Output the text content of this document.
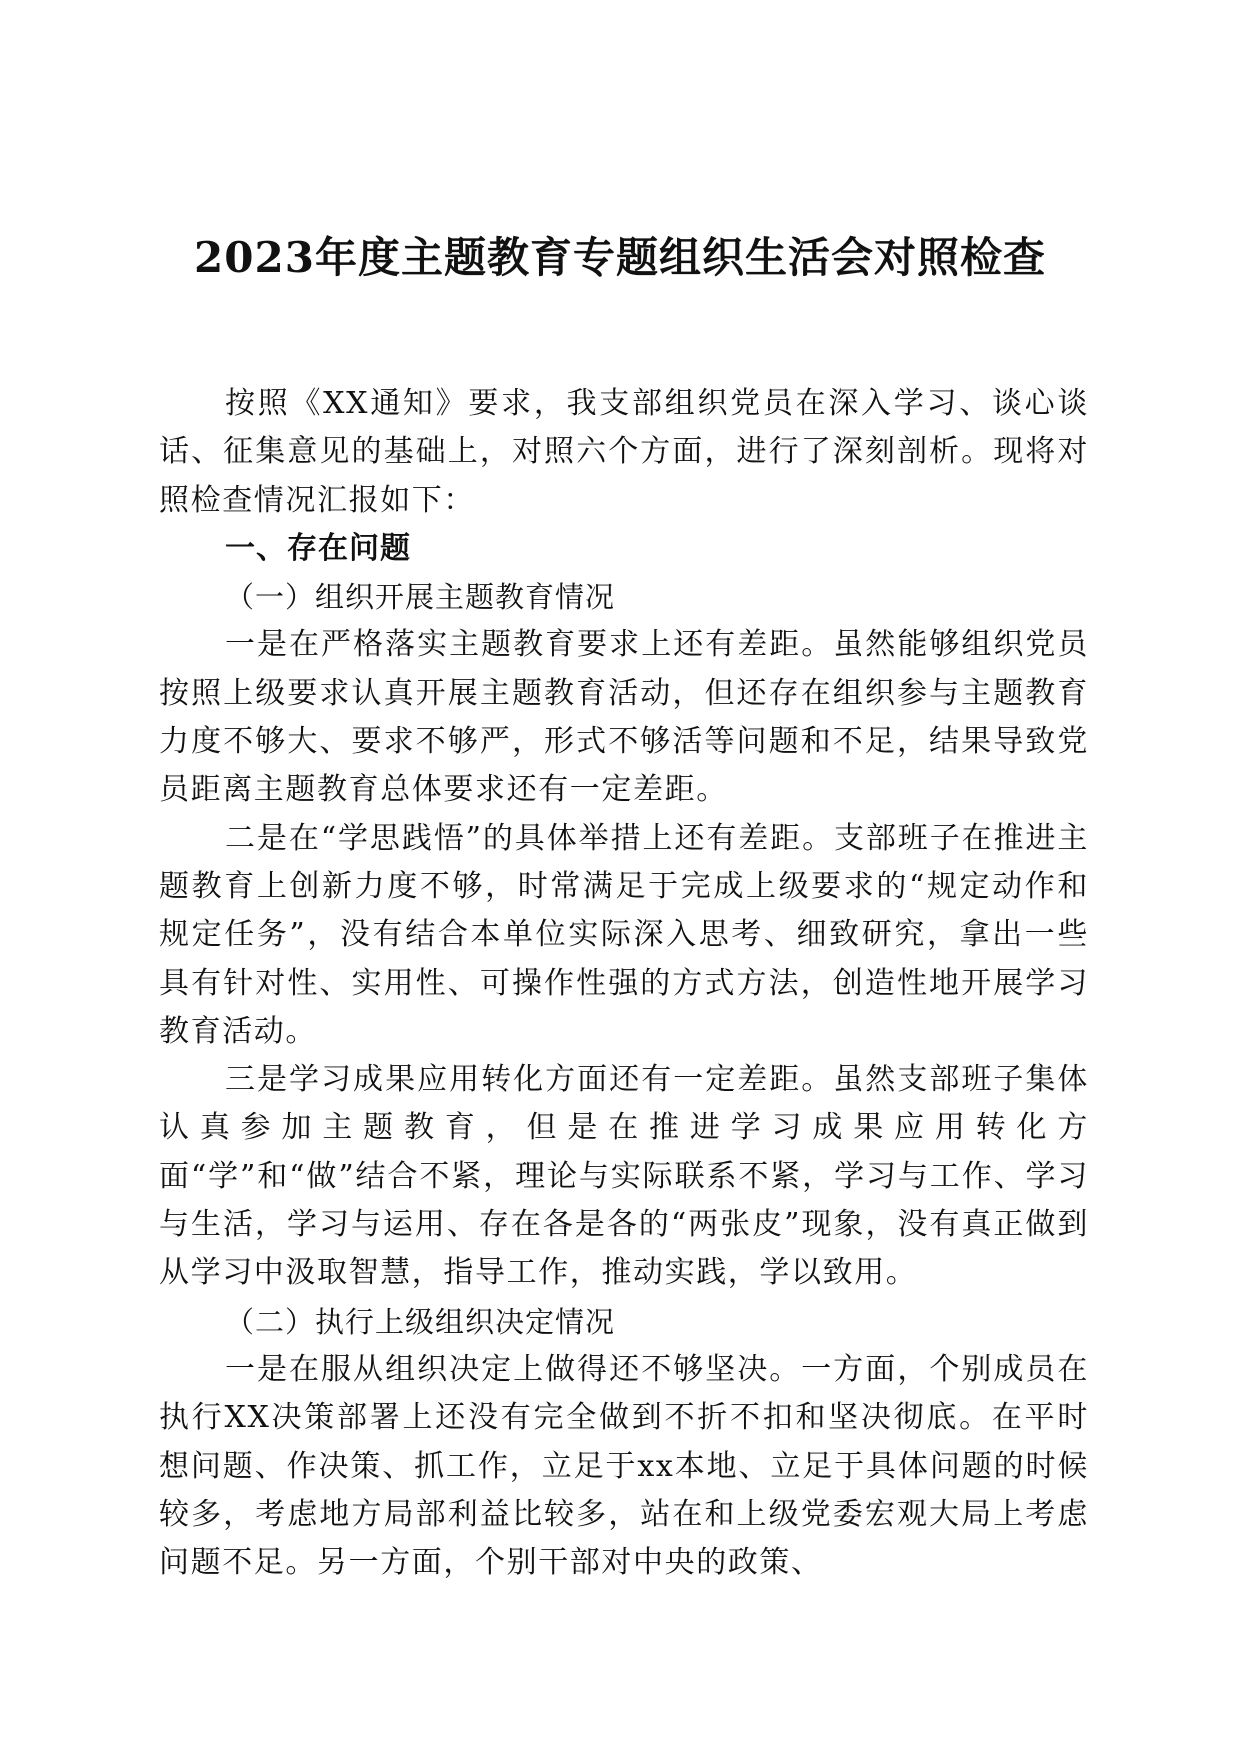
2023年度主题教育专题组织生活会对照检查

按照《XX通知》要求，我支部组织党员在深入学习、谈心谈话、征集意见的基础上，对照六个方面，进行了深刻剖析。现将对照检查情况汇报如下：

一、存在问题

（一）组织开展主题教育情况

一是在严格落实主题教育要求上还有差距。虽然能够组织党员按照上级要求认真开展主题教育活动，但还存在组织参与主题教育力度不够大、要求不够严，形式不够活等问题和不足，结果导致党员距离主题教育总体要求还有一定差距。

二是在“学思践悟”的具体举措上还有差距。支部班子在推进主题教育上创新力度不够，时常满足于完成上级要求的“规定动作和规定任务”，没有结合本单位实际深入思考、细致研究，拿出一些具有针对性、实用性、可操作性强的方式方法，创造性地开展学习教育活动。

三是学习成果应用转化方面还有一定差距。虽然支部班子集体认真参加主题教育，但是在推进学习成果应用转化方面“学”和“做”结合不紧，理论与实际联系不紧，学习与工作、学习与生活，学习与运用、存在各是各的“两张皮”现象，没有真正做到从学习中汲取智慧，指导工作，推动实践，学以致用。

（二）执行上级组织决定情况

一是在服从组织决定上做得还不够坚决。一方面，个别成员在执行XX决策部署上还没有完全做到不折不扣和坚决彻底。在平时想问题、作决策、抓工作，立足于xx本地、立足于具体问题的时候较多，考虑地方局部利益比较多，站在和上级党委宏观大局上考虑问题不足。另一方面，个别干部对中央的政策、
